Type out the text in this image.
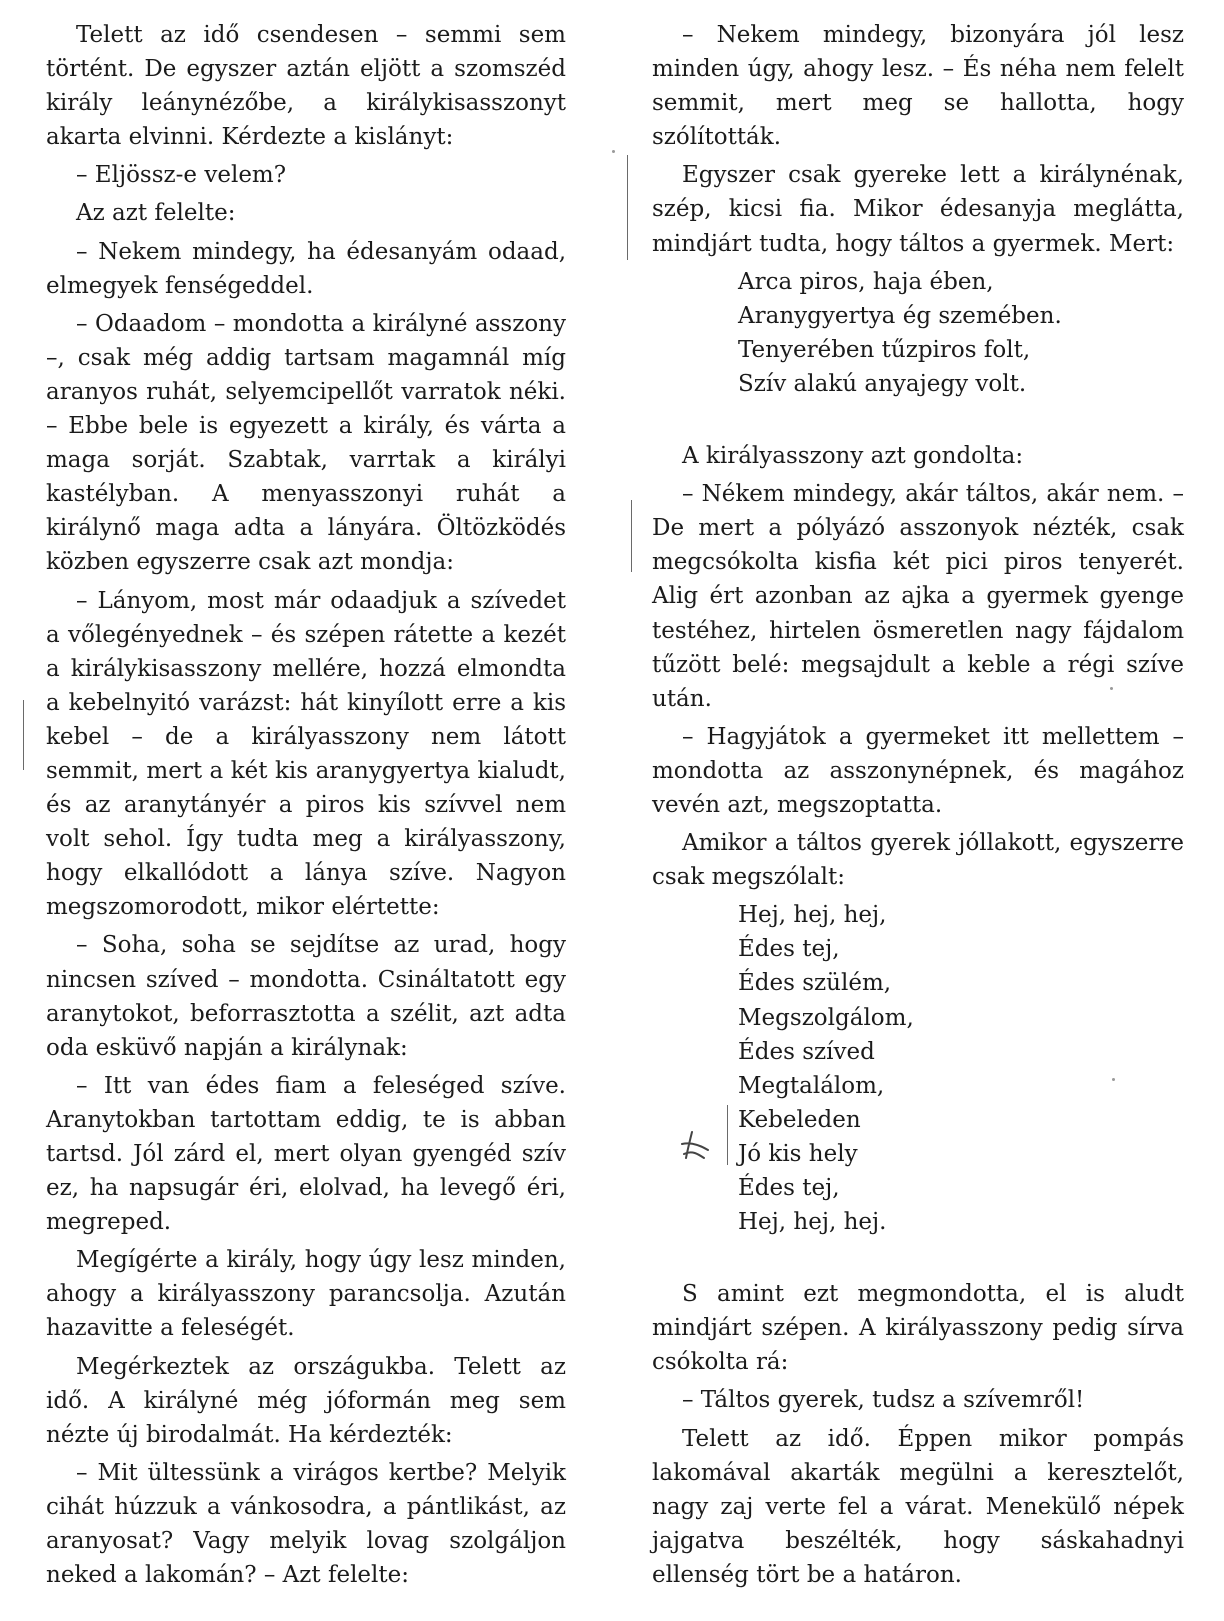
Telett az idő csendesen – semmi sem történt. De egyszer aztán eljött a szomszéd király leánynézőbe, a királykisasszonyt akarta elvinni. Kérdezte a kislányt:

– Eljössz-e velem?

Az azt felelte:

– Nekem mindegy, ha édesanyám odaad, elmegyek fenségeddel.

– Odaadom – mondotta a királyné asszony –, csak még addig tartsam magamnál míg aranyos ruhát, selyemcipellőt varratok néki. – Ebbe bele is egyezett a király, és várta a maga sorját. Szabtak, varrtak a királyi kastélyban. A menyasszonyi ruhát a királynő maga adta a lányára. Öltözködés közben egyszerre csak azt mondja:

– Lányom, most már odaadjuk a szívedet a vőlegényednek – és szépen rátette a kezét a királykisasszony mellére, hozzá elmondta a kebelnyitó varázst: hát kinyílott erre a kis kebel – de a királyasszony nem látott semmit, mert a két kis aranygyertya kialudt, és az aranytányér a piros kis szívvel nem volt sehol. Így tudta meg a királyasszony, hogy elkallódott a lánya szíve. Nagyon megszomorodott, mikor elértette:

– Soha, soha se sejdítse az urad, hogy nincsen szíved – mondotta. Csináltatott egy aranytokot, beforrasztotta a szélit, azt adta oda esküvő napján a királynak:

– Itt van édes fiam a feleséged szíve. Aranytokban tartottam eddig, te is abban tartsd. Jól zárd el, mert olyan gyengéd szív ez, ha napsugár éri, elolvad, ha levegő éri, megreped.

Megígérte a király, hogy úgy lesz minden, ahogy a királyasszony parancsolja. Azután hazavitte a feleségét.

Megérkeztek az országukba. Telett az idő. A királyné még jóformán meg sem nézte új birodalmát. Ha kérdezték:

– Mit ültessünk a virágos kertbe? Melyik cihát húzzuk a vánkosodra, a pántlikást, az aranyosat? Vagy melyik lovag szolgáljon neked a lakomán? – Azt felelte:

– Nekem mindegy, bizonyára jól lesz minden úgy, ahogy lesz. – És néha nem felelt semmit, mert meg se hallotta, hogy szólították.

Egyszer csak gyereke lett a királynénak, szép, kicsi fia. Mikor édesanyja meglátta, mindjárt tudta, hogy táltos a gyermek. Mert:

Arca piros, haja ében,
Aranygyertya ég szemében.
Tenyerében tűzpiros folt,
Szív alakú anyajegy volt.

A királyasszony azt gondolta:

– Nékem mindegy, akár táltos, akár nem. – De mert a pólyázó asszonyok nézték, csak megcsókolta kisfia két pici piros tenyerét. Alig ért azonban az ajka a gyermek gyenge testéhez, hirtelen ösmeretlen nagy fájdalom tűzött belé: megsajdult a keble a régi szíve után.

– Hagyjátok a gyermeket itt mellettem – mondotta az asszonynépnek, és magához vevén azt, megszoptatta.

Amikor a táltos gyerek jóllakott, egyszerre csak megszólalt:

Hej, hej, hej,
Édes tej,
Édes szülém,
Megszolgálom,
Édes szíved
Megtalálom,
Kebeleden
Jó kis hely
Édes tej,
Hej, hej, hej.

S amint ezt megmondotta, el is aludt mindjárt szépen. A királyasszony pedig sírva csókolta rá:

– Táltos gyerek, tudsz a szívemről!

Telett az idő. Éppen mikor pompás lakomával akarták megülni a keresztelőt, nagy zaj verte fel a várat. Menekülő népek jajgatva beszélték, hogy sáskahadnyi ellenség tört be a határon.
